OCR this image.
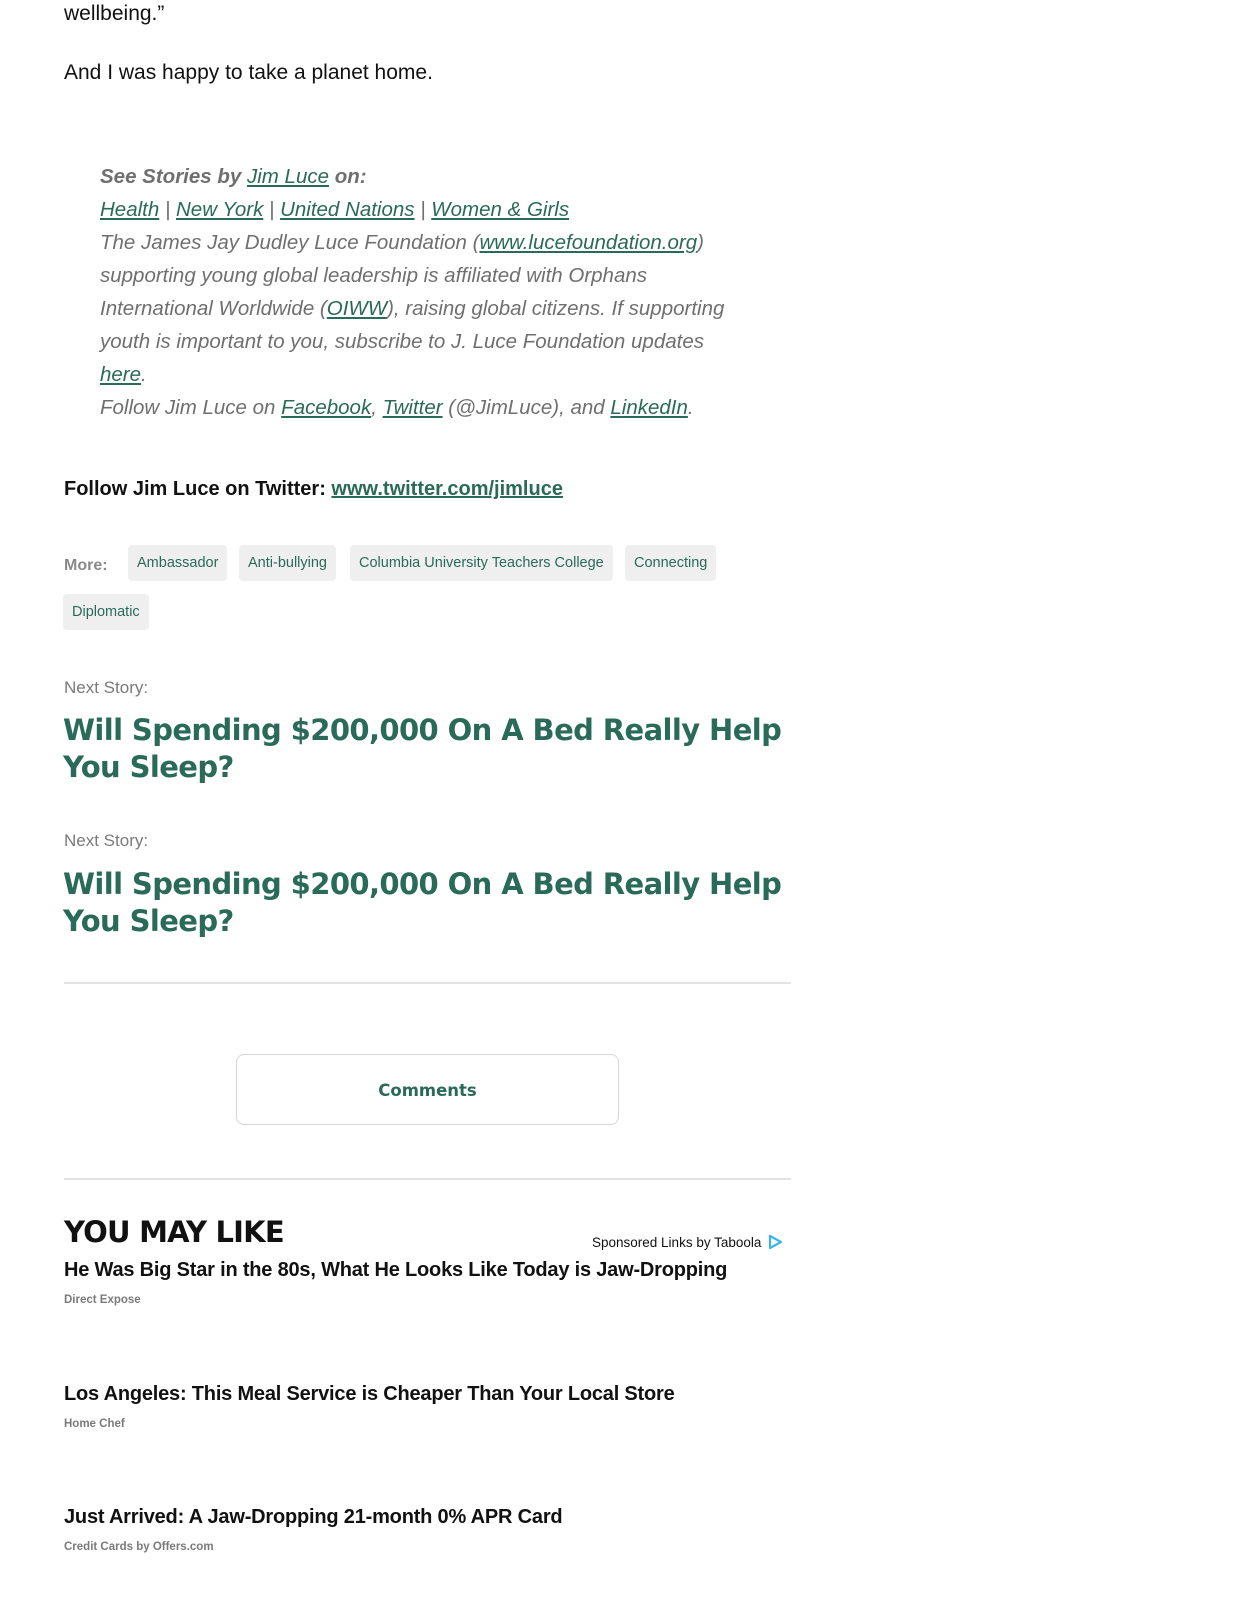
wellbeing.”
And I was happy to take a planet home.
See Stories by Jim Luce on:
Health | New York | United Nations | Women & Girls
The James Jay Dudley Luce Foundation (www.lucefoundation.org) supporting young global leadership is affiliated with Orphans International Worldwide (OIWW), raising global citizens. If supporting youth is important to you, subscribe to J. Luce Foundation updates here.
Follow Jim Luce on Facebook, Twitter (@JimLuce), and LinkedIn.
Follow Jim Luce on Twitter: www.twitter.com/jimluce
More:	Ambassador	Anti-bullying	Columbia University Teachers College	Connecting
Diplomatic
Next Story:
Will Spending $200,000 On A Bed Really Help You Sleep?
Next Story:
Will Spending $200,000 On A Bed Really Help You Sleep?
Comments
YOU MAY LIKE	Sponsored Links by Taboola
He Was Big Star in the 80s, What He Looks Like Today is Jaw-Dropping
Direct Expose
Los Angeles: This Meal Service is Cheaper Than Your Local Store
Home Chef
Just Arrived: A Jaw-Dropping 21-month 0% APR Card
Credit Cards by Offers.com
